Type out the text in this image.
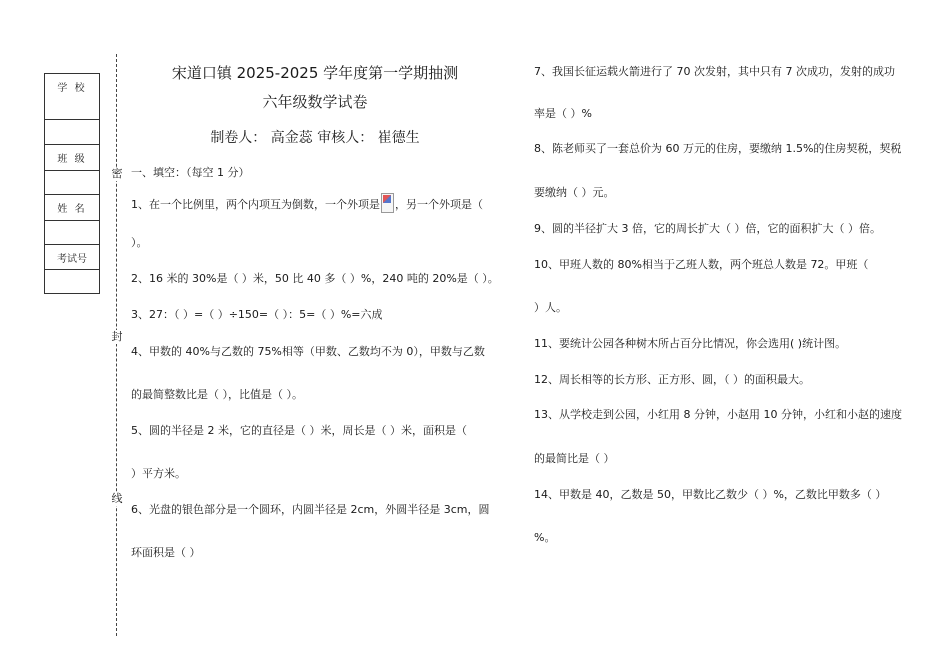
学 校

班 级

姓 名

考试号

密
封
线
宋道口镇 2025-2025 学年度第一学期抽测
六年级数学试卷
制卷人： 高金蕊 审核人： 崔德生
一、填空：（每空 1 分）
1、在一个比例里，两个内项互为倒数，一个外项是 ，另一个外项是（
）。
2、16 米的 30%是（ ）米，50 比 40 多（ ）%，240 吨的 20%是（ ）。
3、27：（ ）=（ ）÷150=（ ）：5=（ ）%=六成
4、甲数的 40%与乙数的 75%相等（甲数、乙数均不为 0），甲数与乙数
的最简整数比是（ ），比值是（ ）。
5、圆的半径是 2 米，它的直径是（ ）米，周长是（ ）米，面积是（
）平方米。
6、光盘的银色部分是一个圆环，内圆半径是 2cm，外圆半径是 3cm，圆
环面积是（ ）
7、我国长征运载火箭进行了 70 次发射，其中只有 7 次成功，发射的成功
率是（ ）%
8、陈老师买了一套总价为 60 万元的住房，要缴纳 1.5%的住房契税，契税
要缴纳（ ）元。
9、圆的半径扩大 3 倍，它的周长扩大（ ）倍，它的面积扩大（ ）倍。
10、甲班人数的 80%相当于乙班人数，两个班总人数是 72。甲班（
）人。
11、要统计公园各种树木所占百分比情况，你会选用( )统计图。
12、周长相等的长方形、正方形、圆，（ ）的面积最大。
13、从学校走到公园，小红用 8 分钟，小赵用 10 分钟，小红和小赵的速度
的最简比是（ ）
14、甲数是 40，乙数是 50，甲数比乙数少（ ）%，乙数比甲数多（ ）
%。
